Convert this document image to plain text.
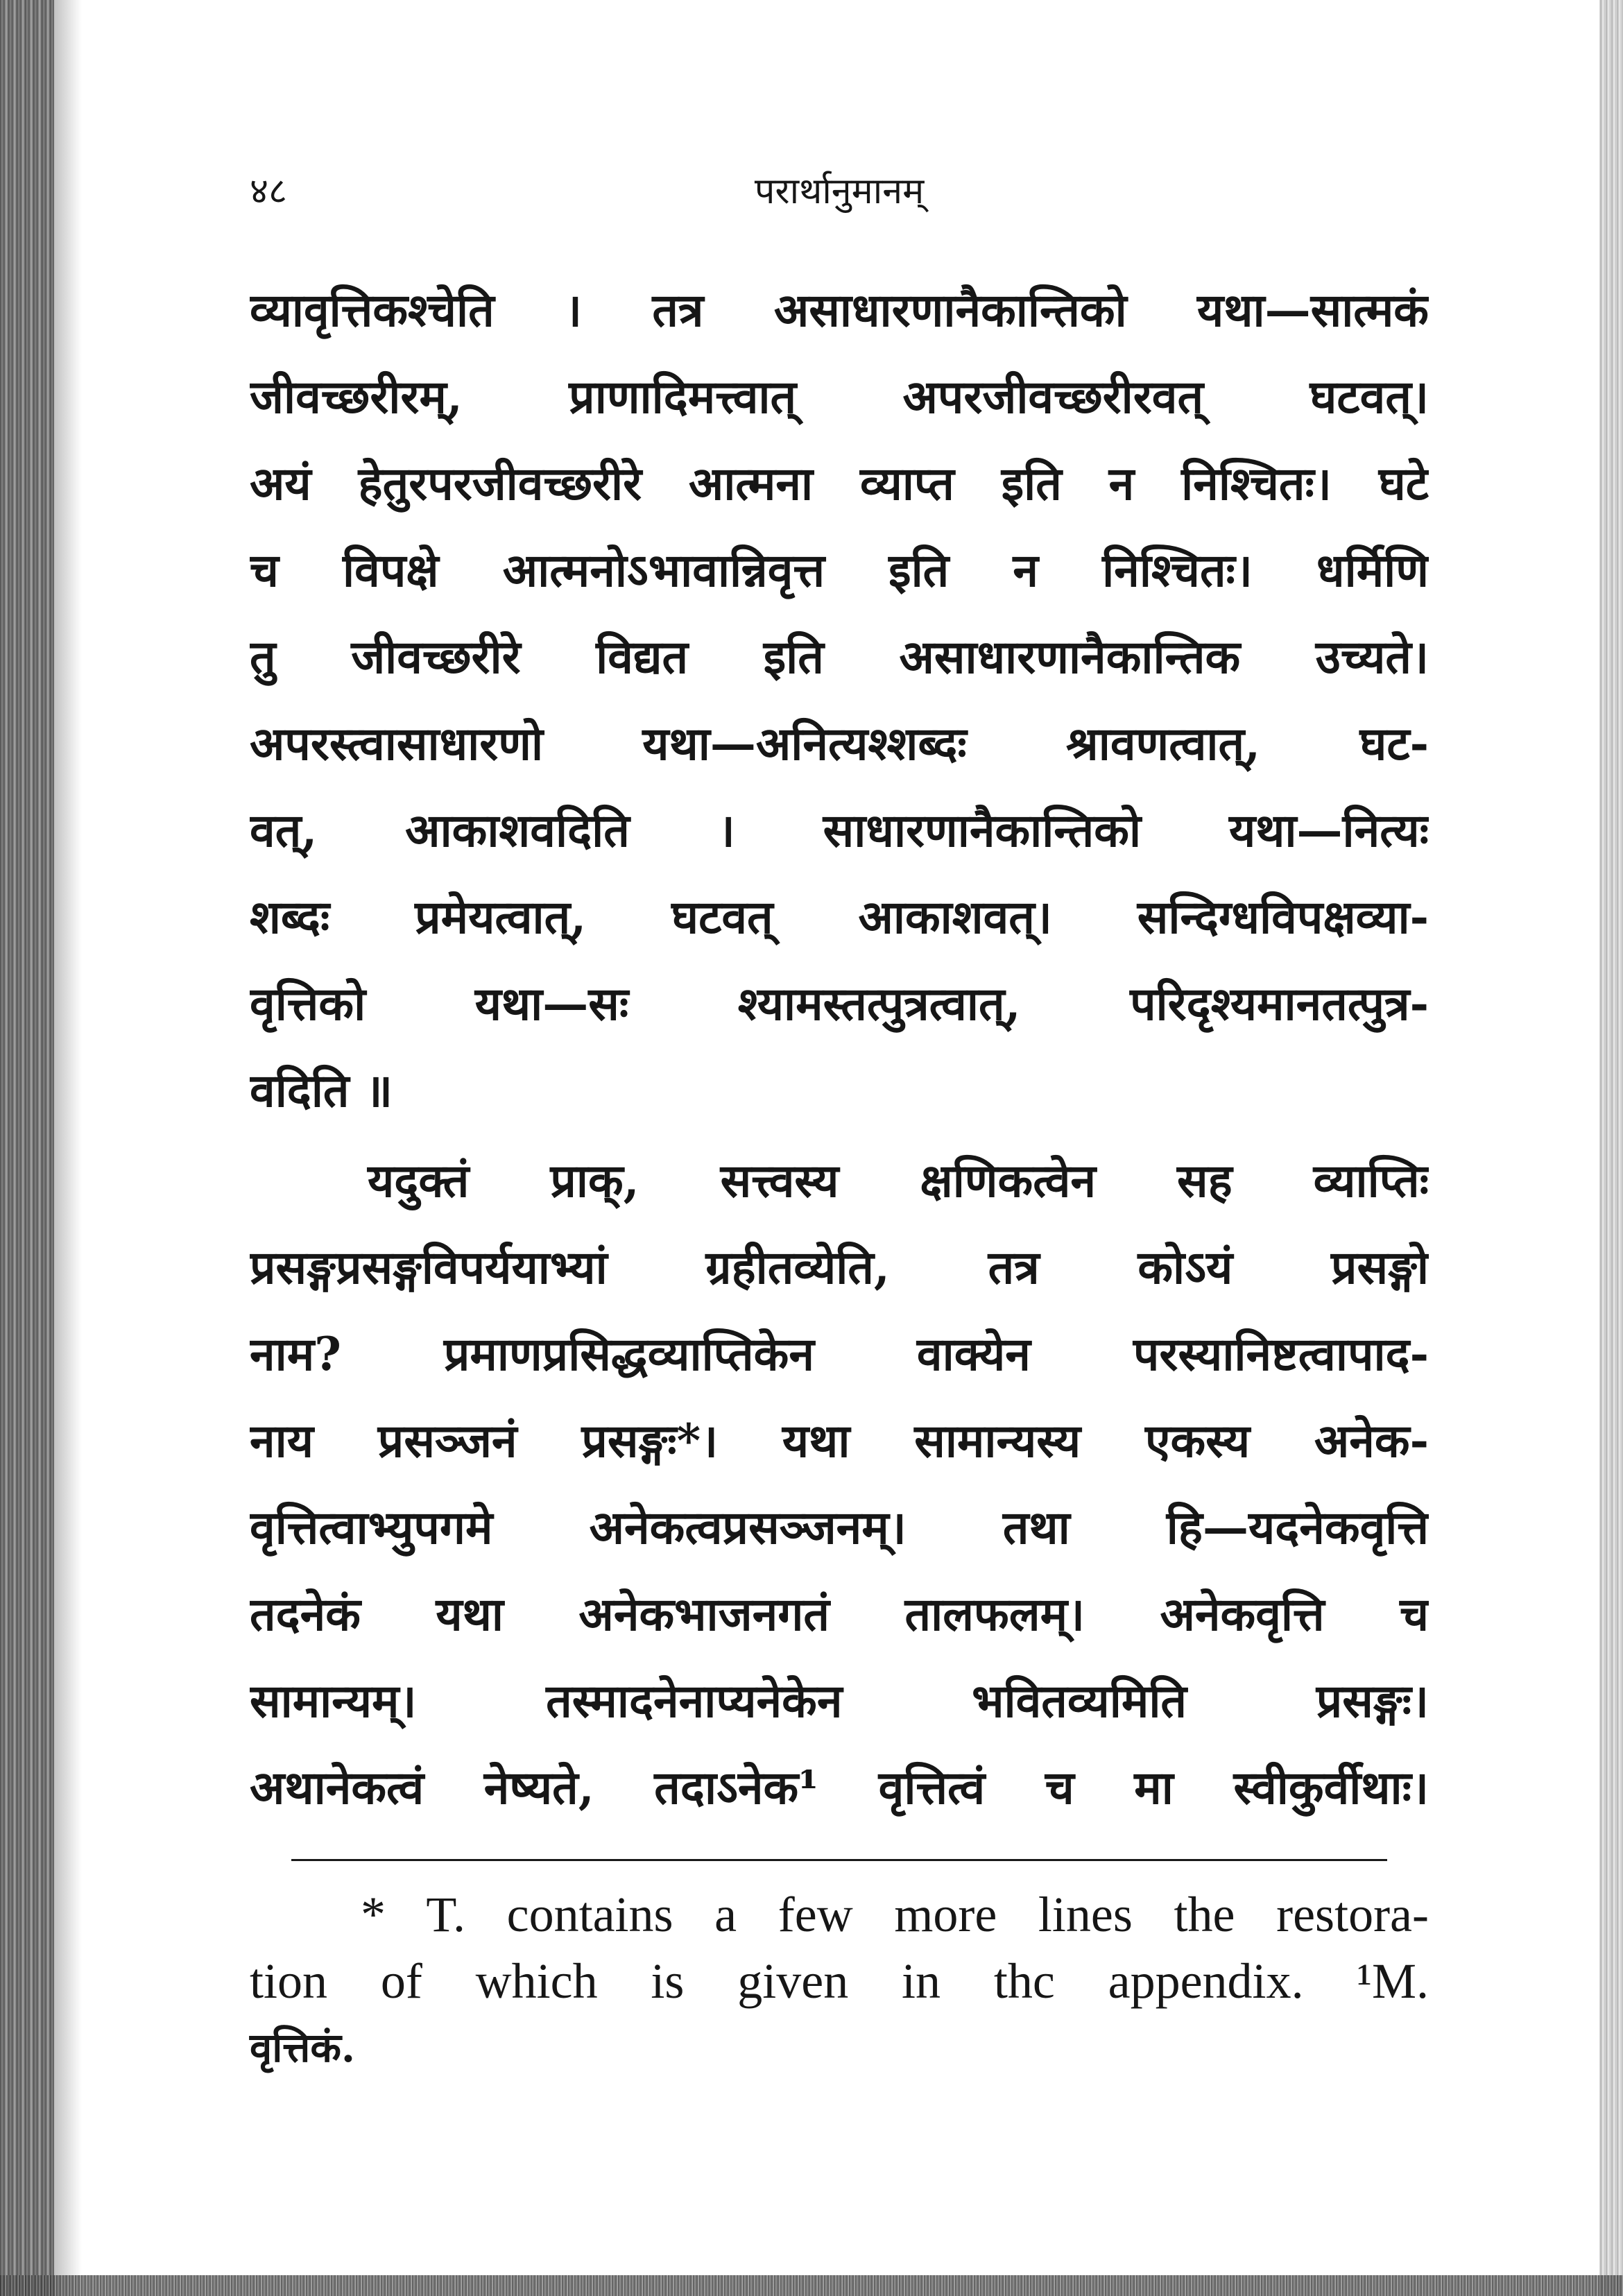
परार्थानुमानम्
४८
व्यावृत्तिकश्चेति । तत्र असाधारणानैकान्तिको यथा—सात्मकं
जीवच्छरीरम्, प्राणादिमत्त्वात् अपरजीवच्छरीरवत् घटवत्।
अयं हेतुरपरजीवच्छरीरे आत्मना व्याप्त इति न निश्चितः। घटे
च विपक्षे आत्मनोऽभावान्निवृत्त इति न निश्चितः। धर्मिणि
तु जीवच्छरीरे विद्यत इति असाधारणानैकान्तिक उच्यते।
अपरस्त्वासाधारणो यथा—अनित्यश्शब्दः श्रावणत्वात्, घट-
वत्, आकाशवदिति । साधारणानैकान्तिको यथा—नित्यः
शब्दः प्रमेयत्वात्, घटवत् आकाशवत्। सन्दिग्धविपक्षव्या-
वृत्तिको यथा—सः श्यामस्तत्पुत्रत्वात्, परिदृश्यमानतत्पुत्र-
वदिति ॥
यदुक्तं प्राक्, सत्त्वस्य क्षणिकत्वेन सह व्याप्तिः
प्रसङ्गप्रसङ्गविपर्ययाभ्यां ग्रहीतव्येति, तत्र कोऽयं प्रसङ्गो
नाम? प्रमाणप्रसिद्धव्याप्तिकेन वाक्येन परस्यानिष्टत्वापाद-
नाय प्रसञ्जनं प्रसङ्गः*। यथा सामान्यस्य एकस्य अनेक-
वृत्तित्वाभ्युपगमे अनेकत्वप्रसञ्जनम्। तथा हि—यदनेकवृत्ति
तदनेकं यथा अनेकभाजनगतं तालफलम्। अनेकवृत्ति च
सामान्यम्। तस्मादनेनाप्यनेकेन भवितव्यमिति प्रसङ्गः।
अथानेकत्वं नेष्यते, तदाऽनेक¹ वृत्तित्वं च मा स्वीकुर्वीथाः।
* T. contains a few more lines the restora-
tion of which is given in thc appendix. ¹M.
वृत्तिकं.
